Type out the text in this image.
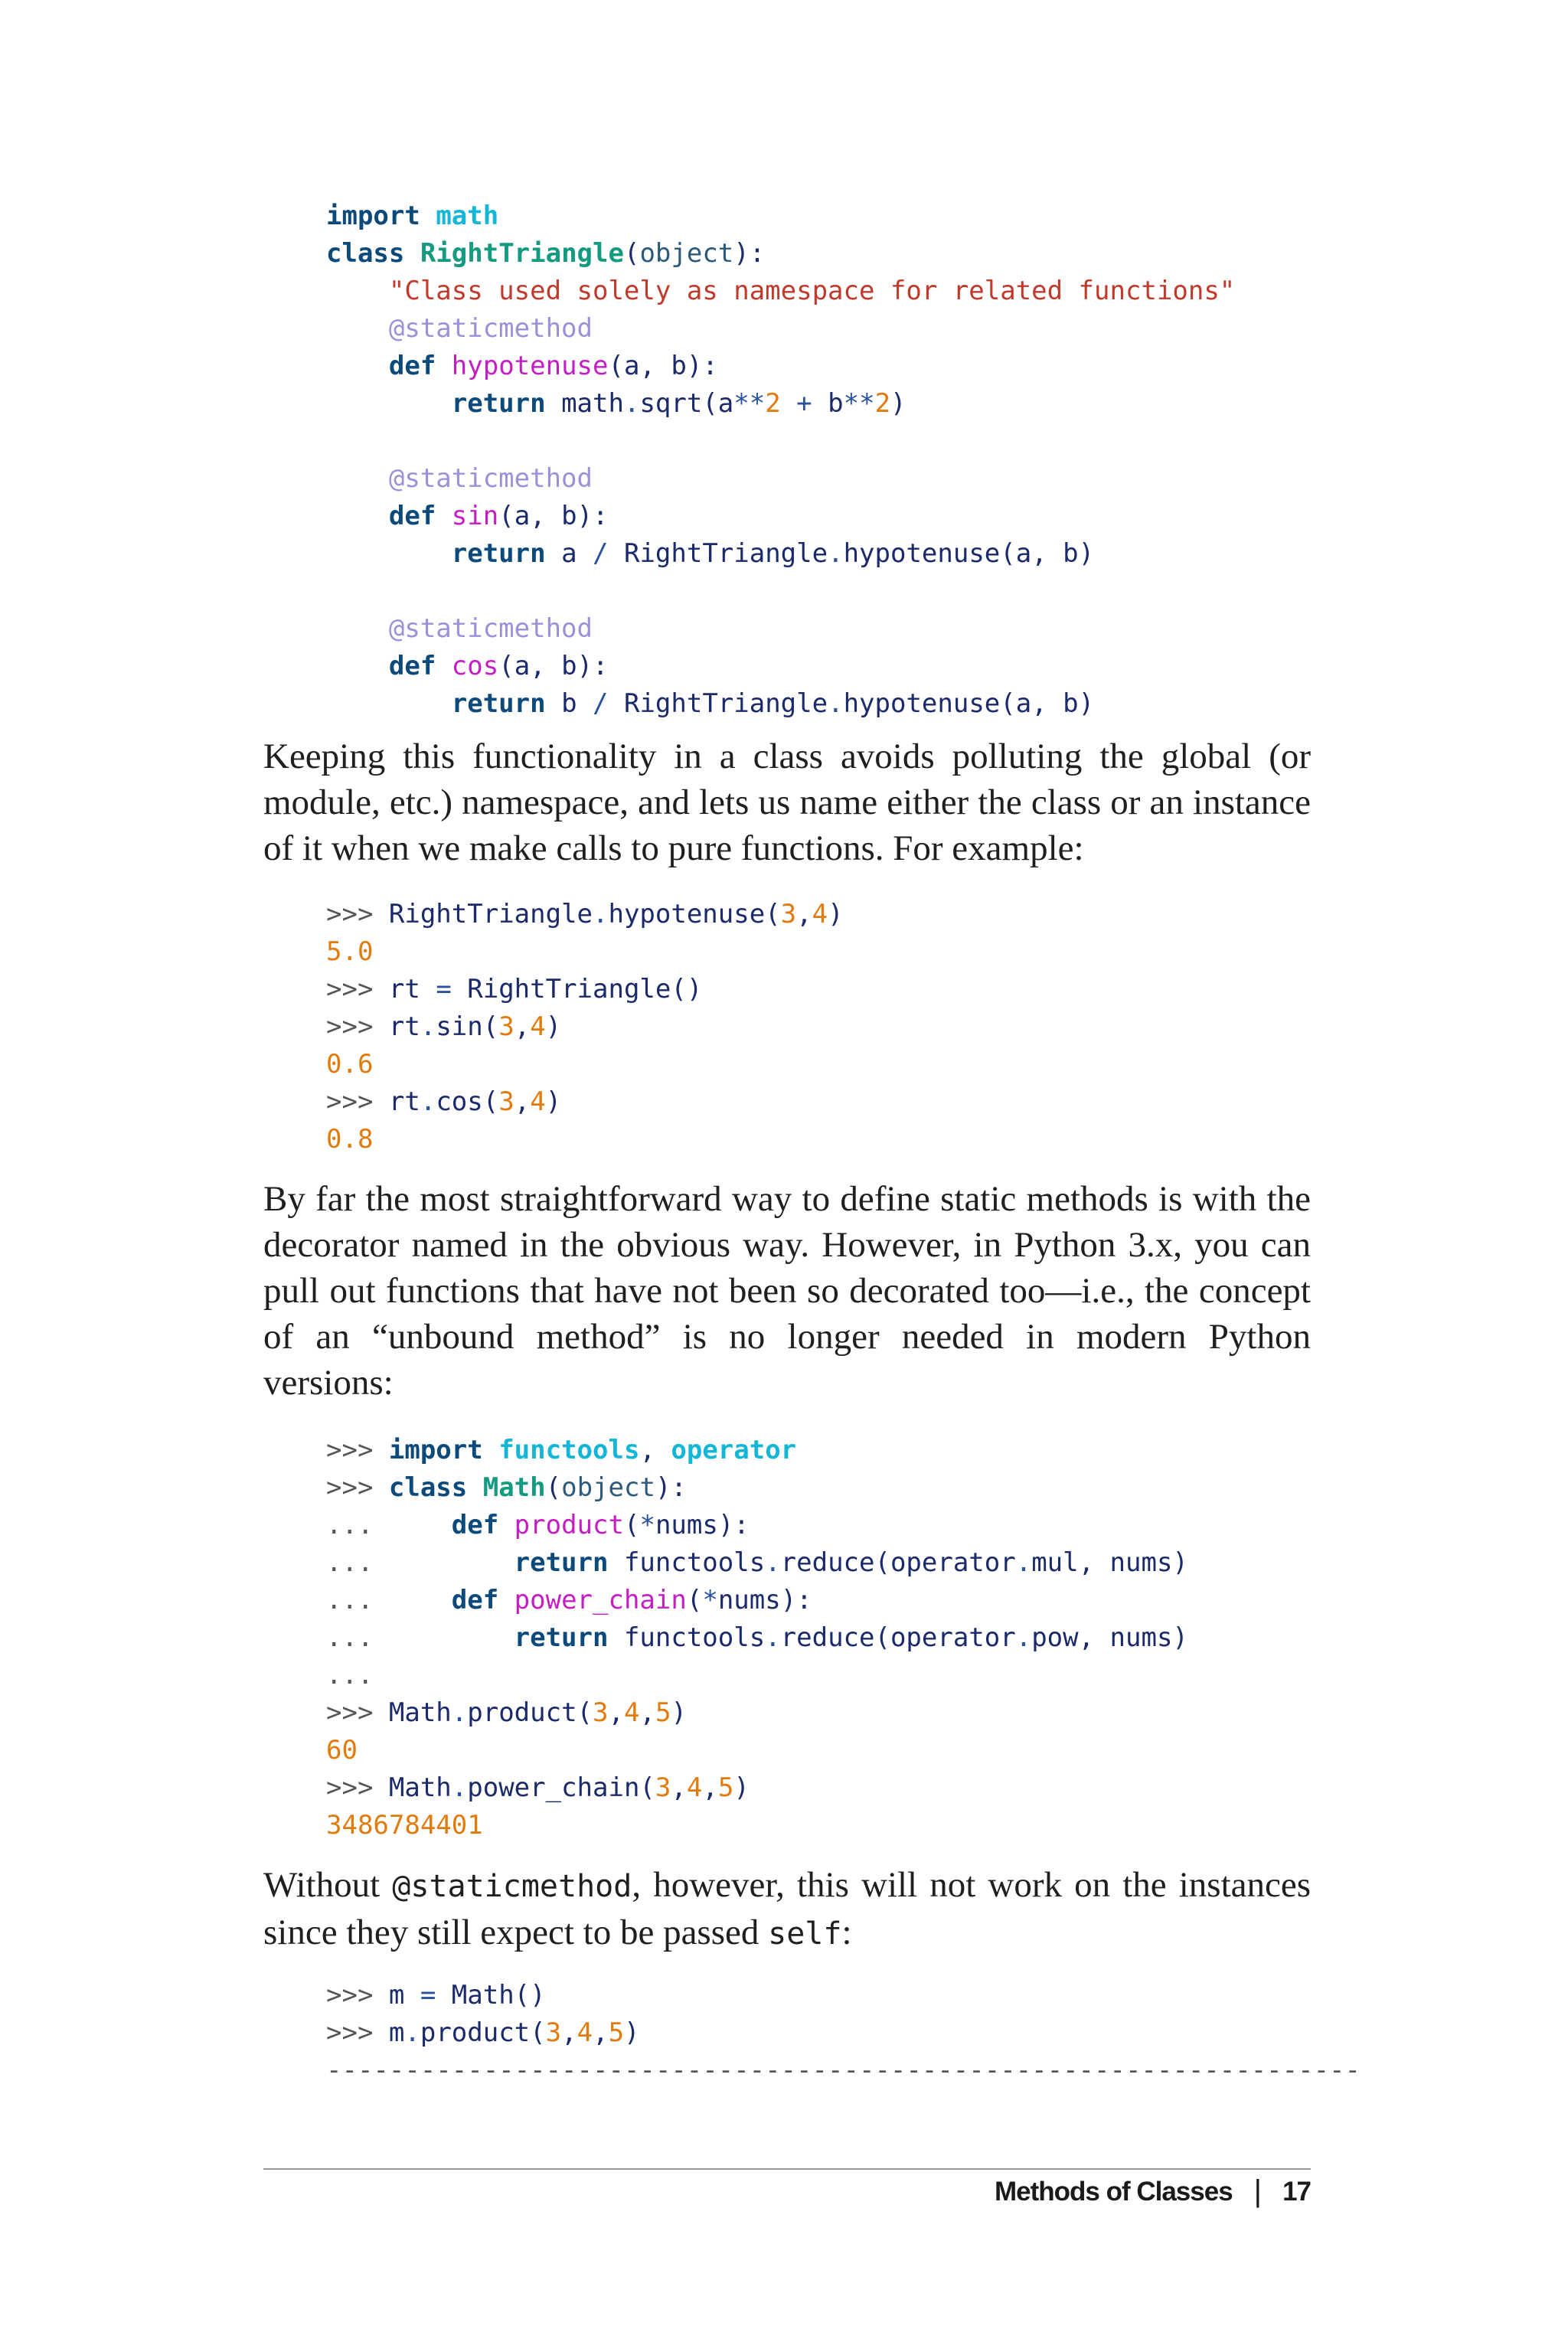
import math
class RightTriangle(object):
"Class used solely as namespace for related functions"
@staticmethod
def hypotenuse(a, b):
return math.sqrt(a**2 + b**2)
@staticmethod
def sin(a, b):
return a / RightTriangle.hypotenuse(a, b)
@staticmethod
def cos(a, b):
return b / RightTriangle.hypotenuse(a, b)

Keeping this functionality in a class avoids polluting the global (or module, etc.) namespace, and lets us name either the class or an instance of it when we make calls to pure functions. For example:

>>> RightTriangle.hypotenuse(3,4)
5.0
>>> rt = RightTriangle()
>>> rt.sin(3,4)
0.6
>>> rt.cos(3,4)
0.8

By far the most straightforward way to define static methods is with the decorator named in the obvious way. However, in Python 3.x, you can pull out functions that have not been so decorated too—i.e., the concept of an “unbound method” is no longer needed in modern Python versions:

>>> import functools, operator
>>> class Math(object):
...     def product(*nums):
...         return functools.reduce(operator.mul, nums)
...     def power_chain(*nums):
...         return functools.reduce(operator.pow, nums)
...
>>> Math.product(3,4,5)
60
>>> Math.power_chain(3,4,5)
3486784401

Without @staticmethod, however, this will not work on the instances since they still expect to be passed self:

>>> m = Math()
>>> m.product(3,4,5)
------------------------------------------------------------------
Methods of Classes | 17
